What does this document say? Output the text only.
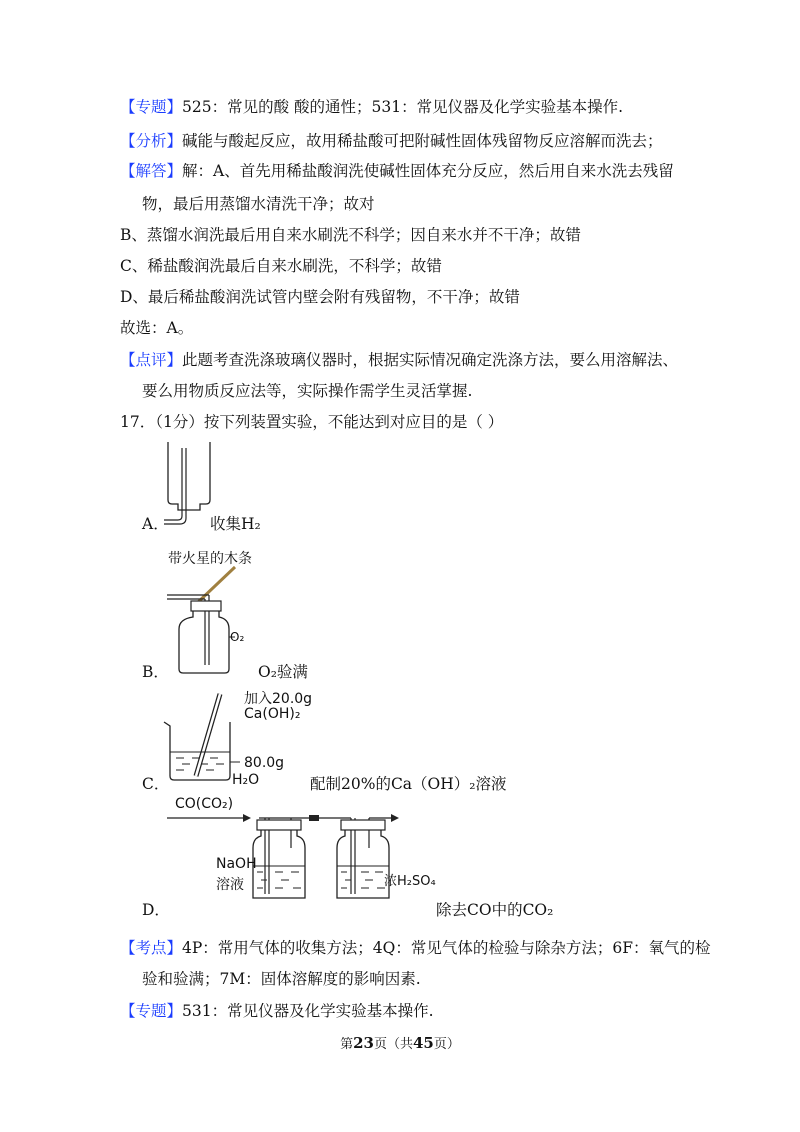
【专题】525：常见的酸 酸的通性；531：常见仪器及化学实验基本操作.
【分析】碱能与酸起反应，故用稀盐酸可把附碱性固体残留物反应溶解而洗去；
【解答】解：A、首先用稀盐酸润洗使碱性固体充分反应，然后用自来水洗去残留
物，最后用蒸馏水清洗干净；故对
B、蒸馏水润洗最后用自来水刷洗不科学；因自来水并不干净；故错
C、稀盐酸润洗最后自来水刷洗，不科学；故错
D、最后稀盐酸润洗试管内壁会附有残留物，不干净；故错
故选：A。
【点评】此题考查洗涤玻璃仪器时，根据实际情况确定洗涤方法，要么用溶解法、
要么用物质反应法等，实际操作需学生灵活掌握.
17．（1分）按下列装置实验，不能达到对应目的是（ ）
A．	收集H₂
带火星的木条
O₂
B．	O₂验满
加入20.0g
Ca(OH)₂
80.0g
H₂O
C．	配制20%的Ca（OH）₂溶液
CO(CO₂)
NaOH
溶液	浓H₂SO₄
D．	除去CO中的CO₂
【考点】4P：常用气体的收集方法；4Q：常见气体的检验与除杂方法；6F：氧气的检
验和验满；7M：固体溶解度的影响因素.
【专题】531：常见仪器及化学实验基本操作.
第23页（共45页）
